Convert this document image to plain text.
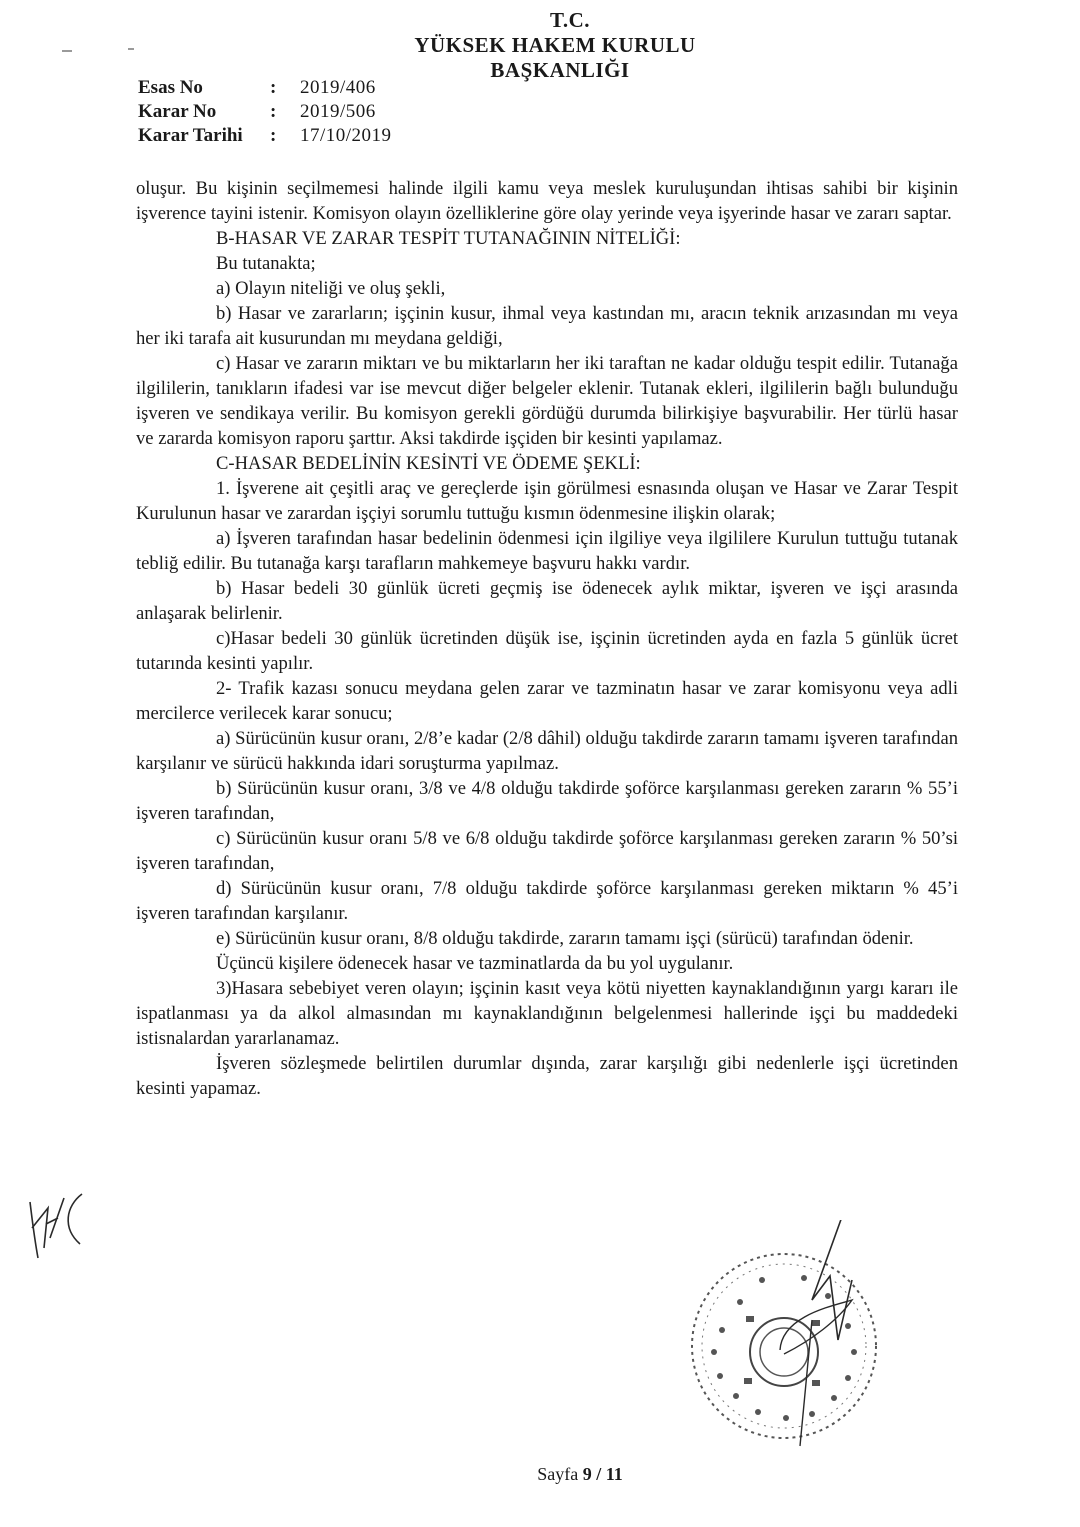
T.C.
YÜKSEK HAKEM KURULU
BAŞKANLIĞI
Esas No	:	2019/406
Karar No	:	2019/506
Karar Tarihi	:	17/10/2019

oluşur. Bu kişinin seçilmemesi halinde ilgili kamu veya meslek kuruluşundan ihtisas sahibi bir kişinin işverence tayini istenir. Komisyon olayın özelliklerine göre olay yerinde veya işyerinde hasar ve zararı saptar.

B-HASAR VE ZARAR TESPİT TUTANAĞININ NİTELİĞİ:

Bu tutanakta;

a) Olayın niteliği ve oluş şekli,

b) Hasar ve zararların; işçinin kusur, ihmal veya kastından mı, aracın teknik arızasından mı veya her iki tarafa ait kusurundan mı meydana geldiği,

c) Hasar ve zararın miktarı ve bu miktarların her iki taraftan ne kadar olduğu tespit edilir. Tutanağa ilgililerin, tanıkların ifadesi var ise mevcut diğer belgeler eklenir. Tutanak ekleri, ilgililerin bağlı bulunduğu işveren ve sendikaya verilir. Bu komisyon gerekli gördüğü durumda bilirkişiye başvurabilir. Her türlü hasar ve zararda komisyon raporu şarttır. Aksi takdirde işçiden bir kesinti yapılamaz.

C-HASAR BEDELİNİN KESİNTİ VE ÖDEME ŞEKLİ:

1. İşverene ait çeşitli araç ve gereçlerde işin görülmesi esnasında oluşan ve Hasar ve Zarar Tespit Kurulunun hasar ve zarardan işçiyi sorumlu tuttuğu kısmın ödenmesine ilişkin olarak;

a) İşveren tarafından hasar bedelinin ödenmesi için ilgiliye veya ilgililere Kurulun tuttuğu tutanak tebliğ edilir. Bu tutanağa karşı tarafların mahkemeye başvuru hakkı vardır.

b) Hasar bedeli 30 günlük ücreti geçmiş ise ödenecek aylık miktar, işveren ve işçi arasında anlaşarak belirlenir.

c)Hasar bedeli 30 günlük ücretinden düşük ise, işçinin ücretinden ayda en fazla 5 günlük ücret tutarında kesinti yapılır.

2- Trafik kazası sonucu meydana gelen zarar ve tazminatın hasar ve zarar komisyonu veya adli mercilerce verilecek karar sonucu;

a) Sürücünün kusur oranı, 2/8’e kadar (2/8 dâhil) olduğu takdirde zararın tamamı işveren tarafından karşılanır ve sürücü hakkında idari soruşturma yapılmaz.

b) Sürücünün kusur oranı, 3/8 ve 4/8 olduğu takdirde şoförce karşılanması gereken zararın % 55’i işveren tarafından,

c) Sürücünün kusur oranı 5/8 ve 6/8 olduğu takdirde şoförce karşılanması gereken zararın % 50’si işveren tarafından,

d) Sürücünün kusur oranı, 7/8 olduğu takdirde şoförce karşılanması gereken miktarın % 45’i işveren tarafından karşılanır.

e) Sürücünün kusur oranı, 8/8 olduğu takdirde, zararın tamamı işçi (sürücü) tarafından ödenir.

Üçüncü kişilere ödenecek hasar ve tazminatlarda da bu yol uygulanır.

3)Hasara sebebiyet veren olayın; işçinin kasıt veya kötü niyetten kaynaklandığının yargı kararı ile ispatlanması ya da alkol almasından mı kaynaklandığının belgelenmesi hallerinde işçi bu maddedeki istisnalardan yararlanamaz.

İşveren sözleşmede belirtilen durumlar dışında, zarar karşılığı gibi nedenlerle işçi ücretinden kesinti yapamaz.

Sayfa 9 / 11
